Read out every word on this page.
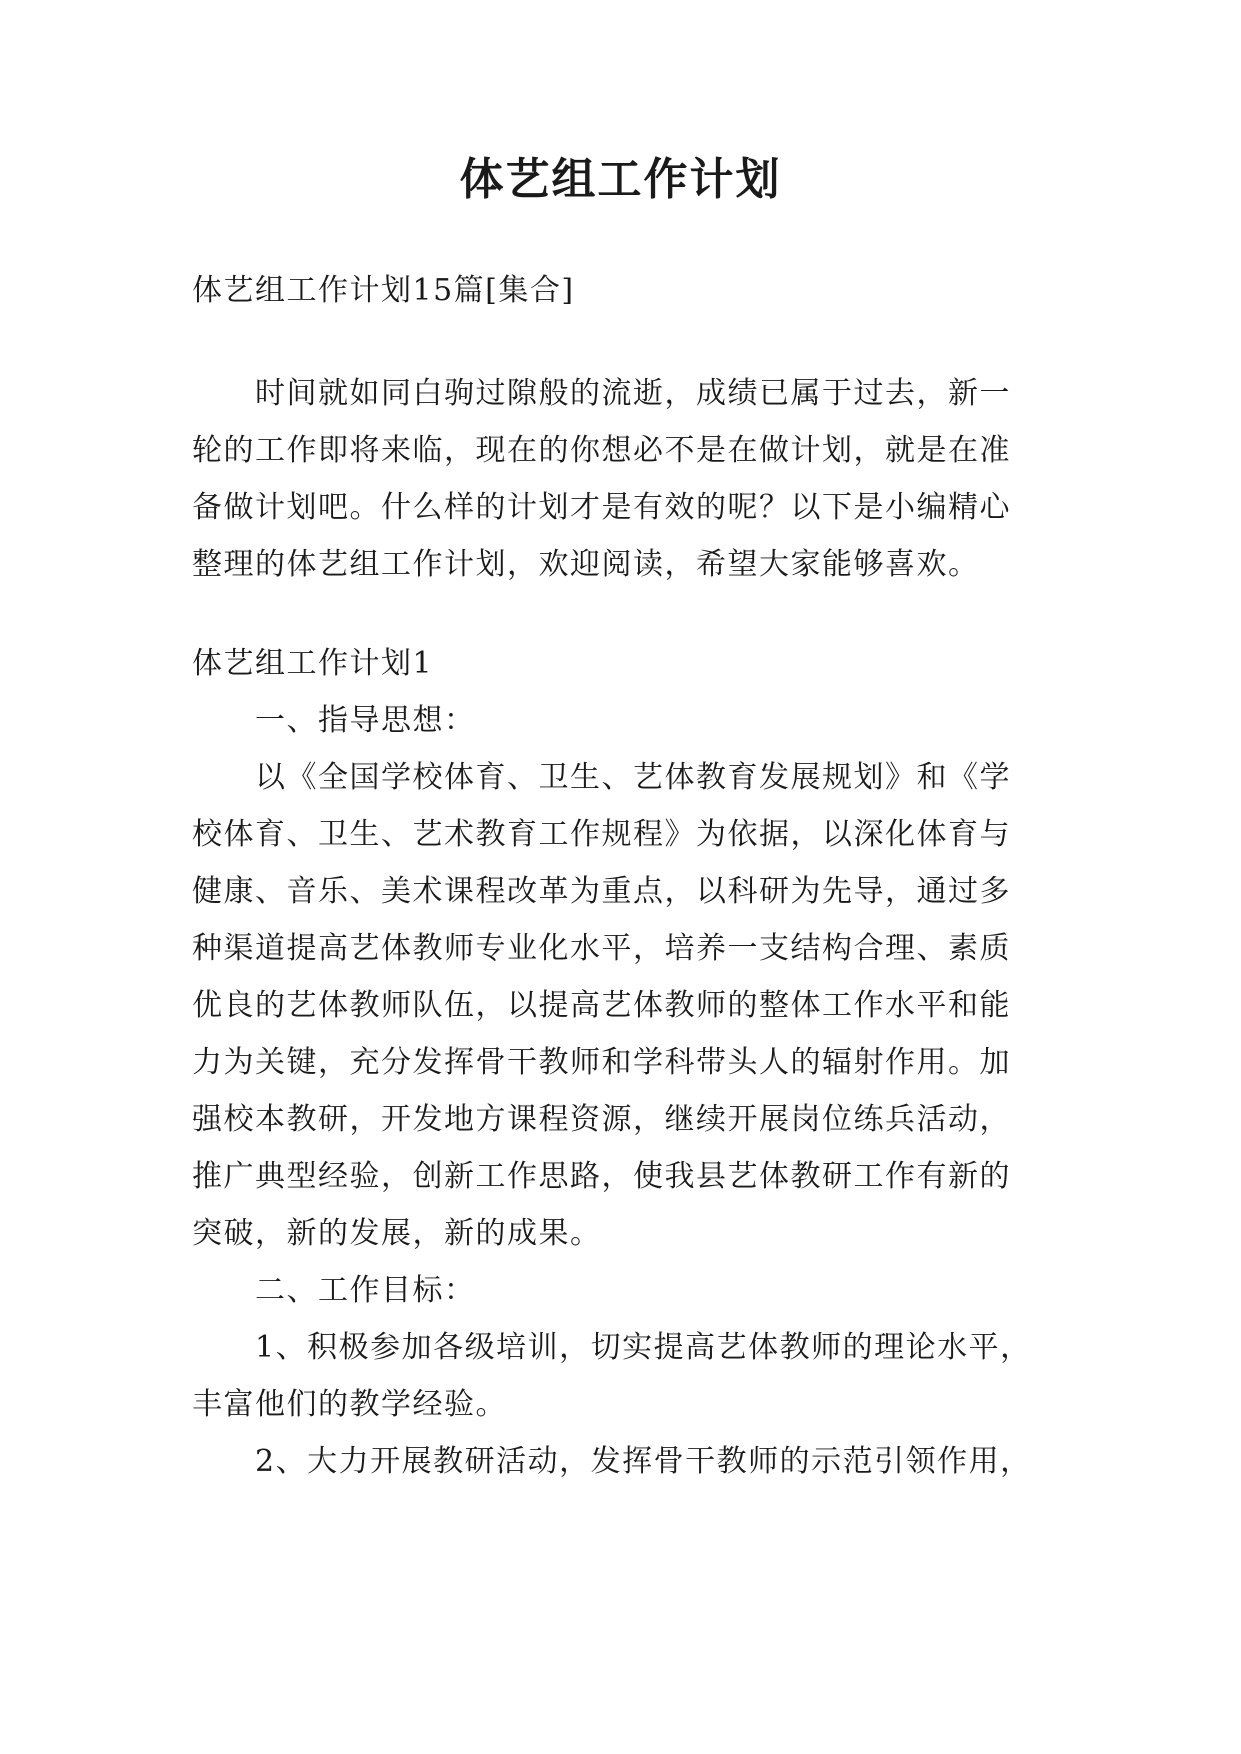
体艺组工作计划
体艺组工作计划15篇[集合]
时间就如同白驹过隙般的流逝，成绩已属于过去，新一
轮的工作即将来临，现在的你想必不是在做计划，就是在准
备做计划吧。什么样的计划才是有效的呢？以下是小编精心
整理的体艺组工作计划，欢迎阅读，希望大家能够喜欢。
体艺组工作计划1
一、指导思想：
以《全国学校体育、卫生、艺体教育发展规划》和《学
校体育、卫生、艺术教育工作规程》为依据，以深化体育与
健康、音乐、美术课程改革为重点，以科研为先导，通过多
种渠道提高艺体教师专业化水平，培养一支结构合理、素质
优良的艺体教师队伍，以提高艺体教师的整体工作水平和能
力为关键，充分发挥骨干教师和学科带头人的辐射作用。加
强校本教研，开发地方课程资源，继续开展岗位练兵活动，
推广典型经验，创新工作思路，使我县艺体教研工作有新的
突破，新的发展，新的成果。
二、工作目标：
1、积极参加各级培训，切实提高艺体教师的理论水平，
丰富他们的教学经验。
2、大力开展教研活动，发挥骨干教师的示范引领作用，
